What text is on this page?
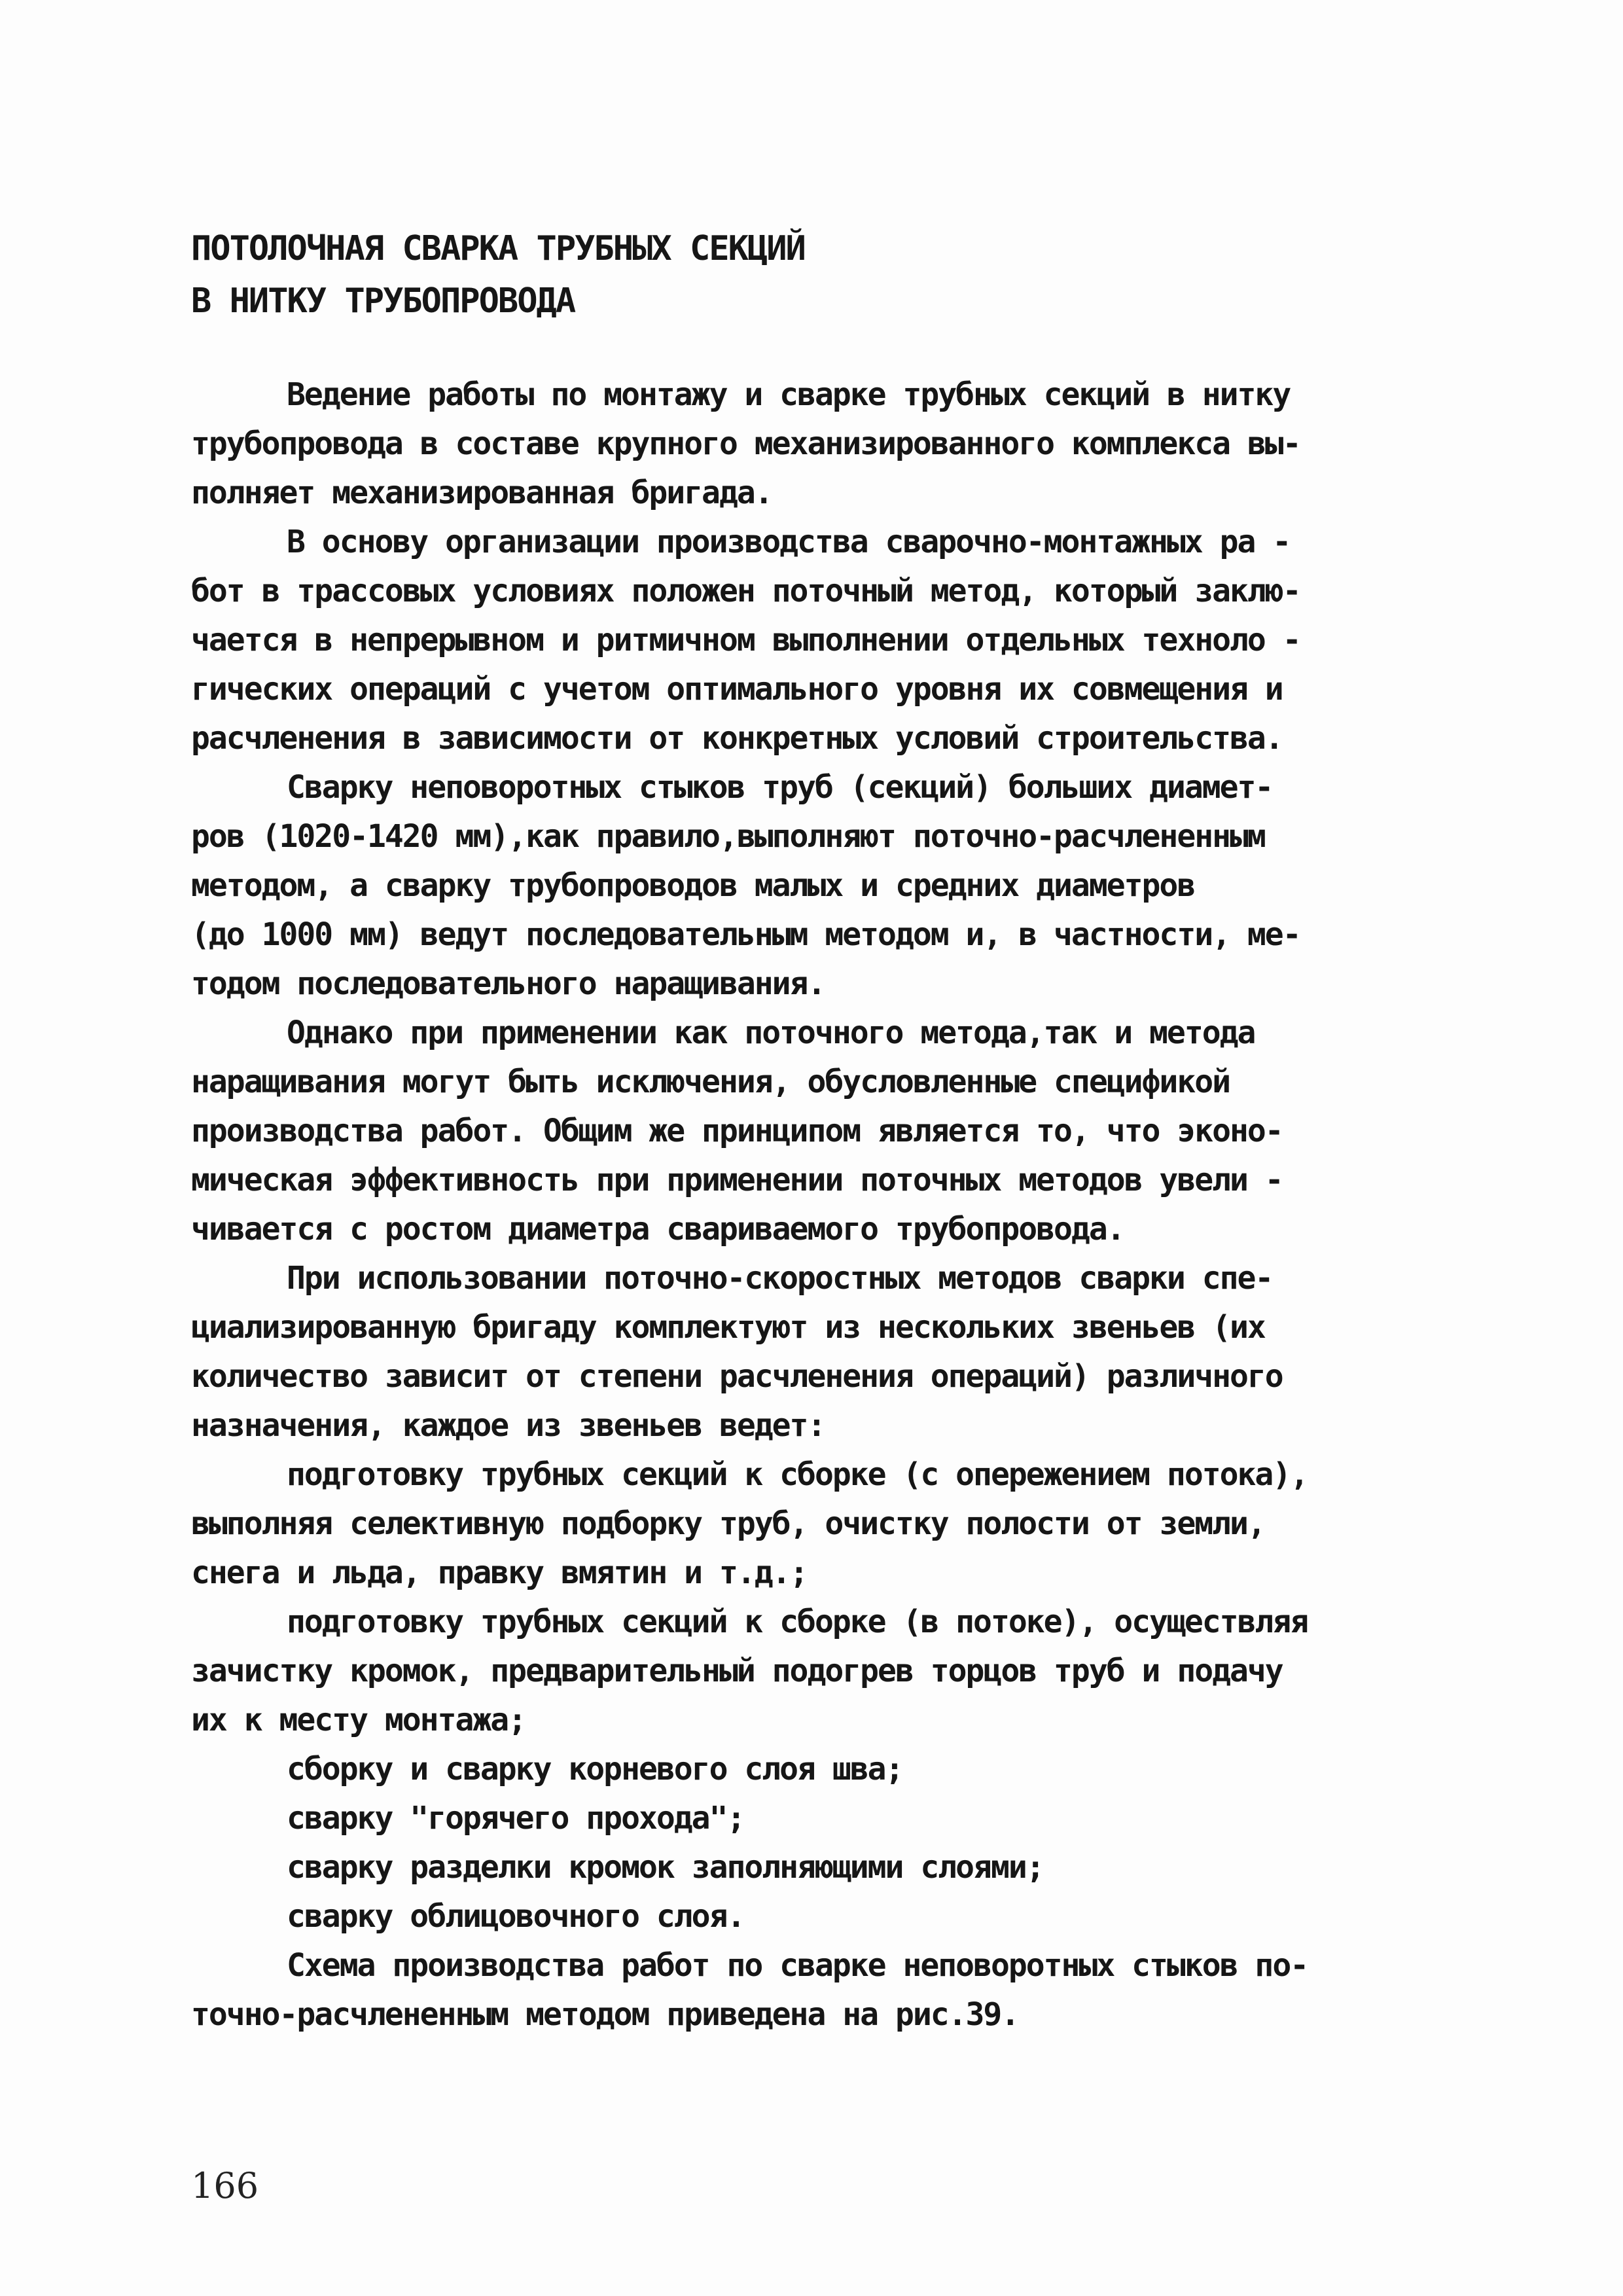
ПОТОЛОЧНАЯ СВАРКА ТРУБНЫХ СЕКЦИЙ
В НИТКУ ТРУБОПРОВОДА
Ведение работы по монтажу и сварке трубных секций в нитку
трубопровода в составе крупного механизированного комплекса вы-
полняет механизированная бригада.
В основу организации производства сварочно-монтажных ра -
бот в трассовых условиях положен поточный метод, который заклю-
чается в непрерывном и ритмичном выполнении отдельных техноло -
гических операций с учетом оптимального уровня их совмещения и
расчленения в зависимости от конкретных условий строительства.
Сварку неповоротных стыков труб (секций) больших диамет-
ров (1020-1420 мм),как правило,выполняют поточно-расчлененным
методом, а сварку трубопроводов малых и средних диаметров
(до 1000 мм) ведут последовательным методом и, в частности, ме-
тодом последовательного наращивания.
Однако при применении как поточного метода,так и метода
наращивания могут быть исключения, обусловленные спецификой
производства работ. Общим же принципом является то, что эконо-
мическая эффективность при применении поточных методов увели -
чивается с ростом диаметра свариваемого трубопровода.
При использовании поточно-скоростных методов сварки спе-
циализированную бригаду комплектуют из нескольких звеньев (их
количество зависит от степени расчленения операций) различного
назначения, каждое из звеньев ведет:
подготовку трубных секций к сборке (с опережением потока),
выполняя селективную подборку труб, очистку полости от земли,
снега и льда, правку вмятин и т.д.;
подготовку трубных секций к сборке (в потоке), осуществляя
зачистку кромок, предварительный подогрев торцов труб и подачу
их к месту монтажа;
сборку и сварку корневого слоя шва;
сварку "горячего прохода";
сварку разделки кромок заполняющими слоями;
сварку облицовочного слоя.
Схема производства работ по сварке неповоротных стыков по-
точно-расчлененным методом приведена на рис.39.
166
